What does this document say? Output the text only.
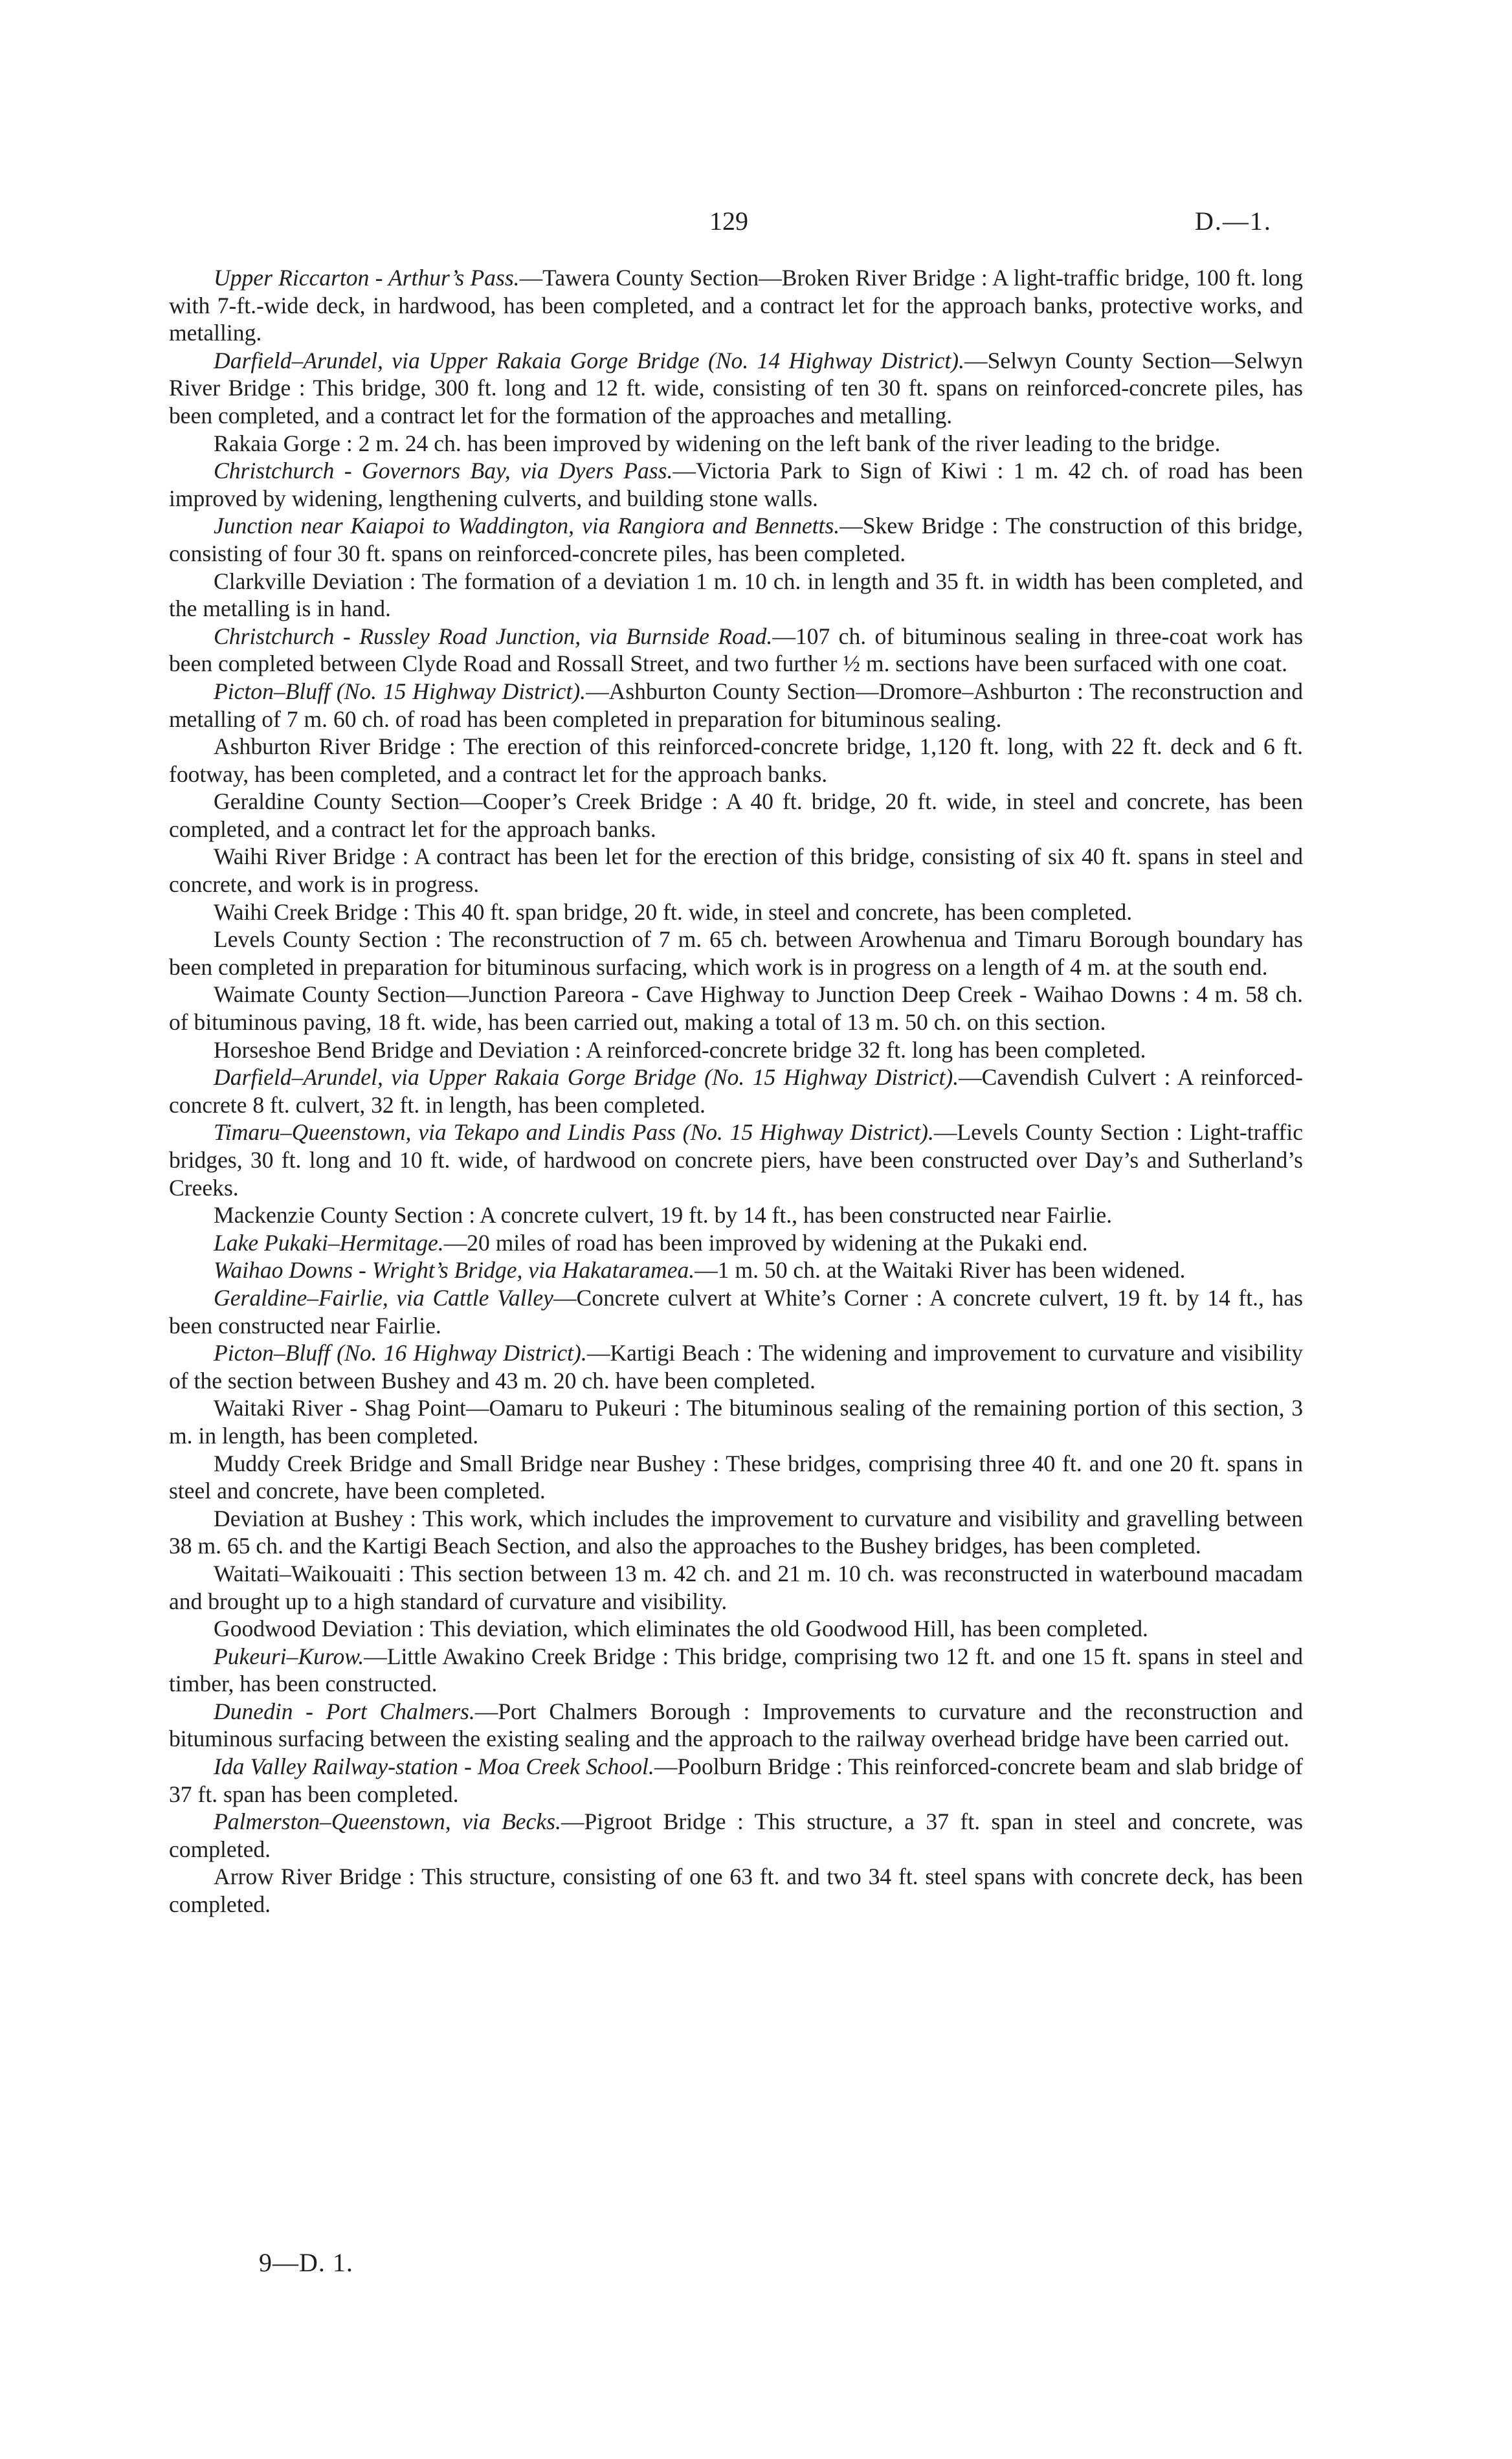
129	D.—1.

Upper Riccarton - Arthur’s Pass.—Tawera County Section—Broken River Bridge : A light-traffic bridge, 100 ft. long with 7-ft.-wide deck, in hardwood, has been completed, and a contract let for the approach banks, protective works, and metalling.

Darfield–Arundel, via Upper Rakaia Gorge Bridge (No. 14 Highway District).—Selwyn County Section—Selwyn River Bridge : This bridge, 300 ft. long and 12 ft. wide, consisting of ten 30 ft. spans on reinforced-concrete piles, has been completed, and a contract let for the formation of the approaches and metalling.

Rakaia Gorge : 2 m. 24 ch. has been improved by widening on the left bank of the river leading to the bridge.

Christchurch - Governors Bay, via Dyers Pass.—Victoria Park to Sign of Kiwi : 1 m. 42 ch. of road has been improved by widening, lengthening culverts, and building stone walls.

Junction near Kaiapoi to Waddington, via Rangiora and Bennetts.—Skew Bridge : The construction of this bridge, consisting of four 30 ft. spans on reinforced-concrete piles, has been completed.

Clarkville Deviation : The formation of a deviation 1 m. 10 ch. in length and 35 ft. in width has been completed, and the metalling is in hand.

Christchurch - Russley Road Junction, via Burnside Road.—107 ch. of bituminous sealing in three-coat work has been completed between Clyde Road and Rossall Street, and two further ½ m. sections have been surfaced with one coat.

Picton–Bluff (No. 15 Highway District).—Ashburton County Section—Dromore–Ashburton : The reconstruction and metalling of 7 m. 60 ch. of road has been completed in preparation for bituminous sealing.

Ashburton River Bridge : The erection of this reinforced-concrete bridge, 1,120 ft. long, with 22 ft. deck and 6 ft. footway, has been completed, and a contract let for the approach banks.

Geraldine County Section—Cooper’s Creek Bridge : A 40 ft. bridge, 20 ft. wide, in steel and concrete, has been completed, and a contract let for the approach banks.

Waihi River Bridge : A contract has been let for the erection of this bridge, consisting of six 40 ft. spans in steel and concrete, and work is in progress.

Waihi Creek Bridge : This 40 ft. span bridge, 20 ft. wide, in steel and concrete, has been completed.

Levels County Section : The reconstruction of 7 m. 65 ch. between Arowhenua and Timaru Borough boundary has been completed in preparation for bituminous surfacing, which work is in progress on a length of 4 m. at the south end.

Waimate County Section—Junction Pareora - Cave Highway to Junction Deep Creek - Waihao Downs : 4 m. 58 ch. of bituminous paving, 18 ft. wide, has been carried out, making a total of 13 m. 50 ch. on this section.

Horseshoe Bend Bridge and Deviation : A reinforced-concrete bridge 32 ft. long has been completed.

Darfield–Arundel, via Upper Rakaia Gorge Bridge (No. 15 Highway District).—Cavendish Culvert : A reinforced-concrete 8 ft. culvert, 32 ft. in length, has been completed.

Timaru–Queenstown, via Tekapo and Lindis Pass (No. 15 Highway District).—Levels County Section : Light-traffic bridges, 30 ft. long and 10 ft. wide, of hardwood on concrete piers, have been constructed over Day’s and Sutherland’s Creeks.

Mackenzie County Section : A concrete culvert, 19 ft. by 14 ft., has been constructed near Fairlie.

Lake Pukaki–Hermitage.—20 miles of road has been improved by widening at the Pukaki end.

Waihao Downs - Wright’s Bridge, via Hakataramea.—1 m. 50 ch. at the Waitaki River has been widened.

Geraldine–Fairlie, via Cattle Valley—Concrete culvert at White’s Corner : A concrete culvert, 19 ft. by 14 ft., has been constructed near Fairlie.

Picton–Bluff (No. 16 Highway District).—Kartigi Beach : The widening and improvement to curvature and visibility of the section between Bushey and 43 m. 20 ch. have been completed.

Waitaki River - Shag Point—Oamaru to Pukeuri : The bituminous sealing of the remaining portion of this section, 3 m. in length, has been completed.

Muddy Creek Bridge and Small Bridge near Bushey : These bridges, comprising three 40 ft. and one 20 ft. spans in steel and concrete, have been completed.

Deviation at Bushey : This work, which includes the improvement to curvature and visibility and gravelling between 38 m. 65 ch. and the Kartigi Beach Section, and also the approaches to the Bushey bridges, has been completed.

Waitati–Waikouaiti : This section between 13 m. 42 ch. and 21 m. 10 ch. was reconstructed in waterbound macadam and brought up to a high standard of curvature and visibility.

Goodwood Deviation : This deviation, which eliminates the old Goodwood Hill, has been completed.

Pukeuri–Kurow.—Little Awakino Creek Bridge : This bridge, comprising two 12 ft. and one 15 ft. spans in steel and timber, has been constructed.

Dunedin - Port Chalmers.—Port Chalmers Borough : Improvements to curvature and the reconstruction and bituminous surfacing between the existing sealing and the approach to the railway overhead bridge have been carried out.

Ida Valley Railway-station - Moa Creek School.—Poolburn Bridge : This reinforced-concrete beam and slab bridge of 37 ft. span has been completed.

Palmerston–Queenstown, via Becks.—Pigroot Bridge : This structure, a 37 ft. span in steel and concrete, was completed.

Arrow River Bridge : This structure, consisting of one 63 ft. and two 34 ft. steel spans with concrete deck, has been completed.

9—D. 1.
